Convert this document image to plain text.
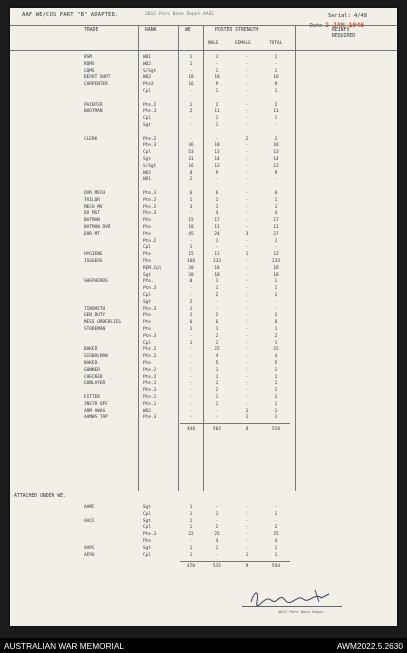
AAF WE/COS PART "B" ADAPTED.	2012 Pers Base Depot AASC	Serial: 4/48
Date 2 JAN 1946
TRADE	RANK	WE	POSTED STRENGTH
MALE	FEMALE	TOTAL
REINFS
REQUIRED
RSM	WO1	1	1	-	1
RQMS	WO2	1	-	-	-
CQMS	S/Sgt	-	1	-	1
DEPOT SUPT	WO2	10	10	-	10
CARPENTER	Pte2	16	9	-	9
Cpl	-	1	-	1
PAINTER	Pte.2	1	2	-	2
BOOTMAN	Pte.3	2	11	-	11
Cpl	-	1	-	1
Sgt	-	1	-	-
CLERK	Pte.2	-	-	2	2
Pte.3	36	18	-	18
Cpl	53	13	-	13
Sgt	31	14	-	14
S/Sgt	16	13	-	13
WO2	8	9	-	9
WO1	2	-	-	-
DVR MECH	Pte.3	6	6	-	6
TAILOR	Pte.2	1	1	-	1
MECH MV	Pte.2	3	1	-	1
DV MST	Pte.3	-	4	-	4
BATMAN	Pte	15	17	-	17
BATMAN DVR	Pte	10	11	-	11
DVR MT	Pte	45	24	3	27
Pte.2	-	1	-	1
Cpl	1	-	-	-
HYGIENE	Pte	15	11	1	12
ISSUERS	Pte	100	233	-	233
REM.Cpl	20	18	-	18
Sgt	20	18	-	18
SHEPHERDS	Pte.	8	1	-	1
Pte.3	-	1	-	1
Cpl	-	2	-	2
Sgt	2	-	-	-
TINSMITH	Pte.3	1	-	-	-
GEN DUTY	Pte	2	2	-	2
MESS ORDERLIES	Pte	6	6	-	6
STOREMAN	Pte	1	1	-	1
Pte.3	-	2	-	2
Cpl	1	1	-	1
BAKER	Pte.2	-	22	-	22
SIGNALMAN	Pte.2	-	4	-	4
BAKER	Pte	-	5	-	5
GUNNER	Pte.2	-	1	-	1
CHECKER	Pte.2	-	1	-	1
GUNLAYER	Pte.1	-	1	-	1
Pte.3	-	2	-	2
FITTER	Pte.1	-	1	-	1
INSTR OFF	Pte.1	-	1	-	1
ARM AWAS	WO2	-	-	1	1
AAMWS TAP	Pte.3	-	-	1	1
448	502	8	510
AAMC	Sgt	1	-	-	-
Cpl	1	1	-	1
AACC	Sgt	1	-	-	-
Cpl	1	2	-	2
Pte.3	22	25	-	25
Pte	-	4	-	4
AAPC	Sgt	1	1	-	1
AFPU	Cpl	1	-	1	1
470	535	9	544
ATTACHED UNDER WE.
ADLI Pers Base Depot
AUSTRALIAN WAR MEMORIAL	AWM2022.5.2630
